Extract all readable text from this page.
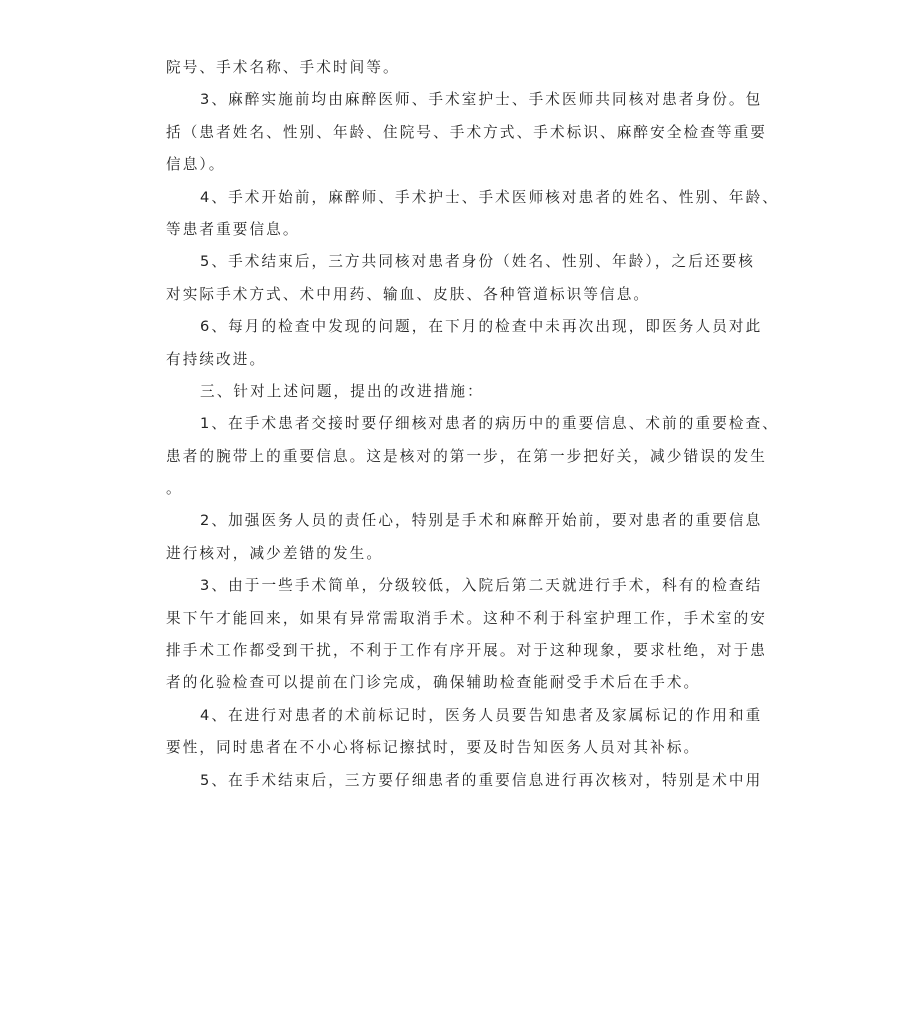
院号、手术名称、手术时间等。
3、麻醉实施前均由麻醉医师、手术室护士、手术医师共同核对患者身份。包
括（患者姓名、性别、年龄、住院号、手术方式、手术标识、麻醉安全检查等重要
信息）。
4、手术开始前，麻醉师、手术护士、手术医师核对患者的姓名、性别、年龄、
等患者重要信息。
5、手术结束后，三方共同核对患者身份（姓名、性别、年龄），之后还要核
对实际手术方式、术中用药、输血、皮肤、各种管道标识等信息。
6、每月的检查中发现的问题，在下月的检查中未再次出现，即医务人员对此
有持续改进。
三、针对上述问题，提出的改进措施：
1、在手术患者交接时要仔细核对患者的病历中的重要信息、术前的重要检查、
患者的腕带上的重要信息。这是核对的第一步，在第一步把好关，减少错误的发生
。
2、加强医务人员的责任心，特别是手术和麻醉开始前，要对患者的重要信息
进行核对，减少差错的发生。
3、由于一些手术简单，分级较低，入院后第二天就进行手术，科有的检查结
果下午才能回来，如果有异常需取消手术。这种不利于科室护理工作，手术室的安
排手术工作都受到干扰，不利于工作有序开展。对于这种现象，要求杜绝，对于患
者的化验检查可以提前在门诊完成，确保辅助检查能耐受手术后在手术。
4、在进行对患者的术前标记时，医务人员要告知患者及家属标记的作用和重
要性，同时患者在不小心将标记擦拭时，要及时告知医务人员对其补标。
5、在手术结束后，三方要仔细患者的重要信息进行再次核对，特别是术中用
